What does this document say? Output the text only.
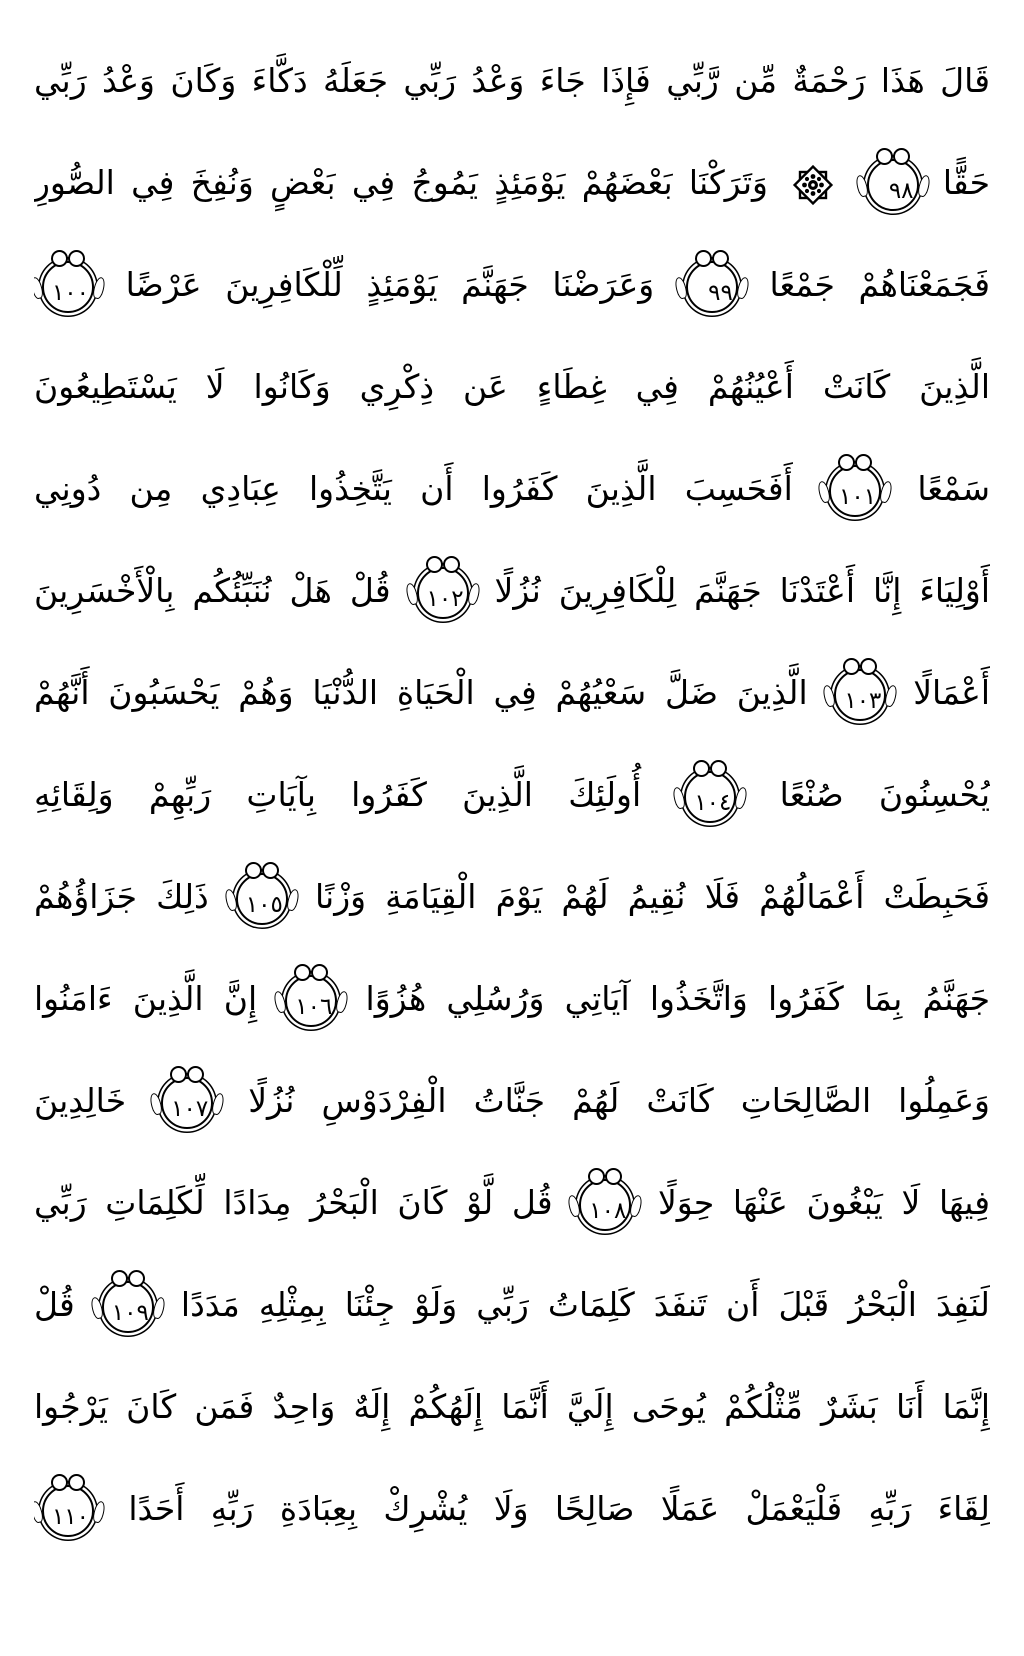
قَالَ هَذَا رَحْمَةٌ مِّن رَّبِّي فَإِذَا جَاءَ وَعْدُ رَبِّي جَعَلَهُ دَكَّاءَ وَكَانَ وَعْدُ رَبِّي
حَقًّا
٩٨  وَتَرَكْنَا بَعْضَهُمْ يَوْمَئِذٍ يَمُوجُ فِي بَعْضٍ وَنُفِخَ فِي الصُّورِ
فَجَمَعْنَاهُمْ جَمْعًا
٩٩ وَعَرَضْنَا جَهَنَّمَ يَوْمَئِذٍ لِّلْكَافِرِينَ عَرْضًا
١٠٠
الَّذِينَ كَانَتْ أَعْيُنُهُمْ فِي غِطَاءٍ عَن ذِكْرِي وَكَانُوا لَا يَسْتَطِيعُونَ
سَمْعًا
١٠١ أَفَحَسِبَ الَّذِينَ كَفَرُوا أَن يَتَّخِذُوا عِبَادِي مِن دُونِي
أَوْلِيَاءَ إِنَّا أَعْتَدْنَا جَهَنَّمَ لِلْكَافِرِينَ نُزُلًا
١٠٢ قُلْ هَلْ نُنَبِّئُكُم بِالْأَخْسَرِينَ
أَعْمَالًا
١٠٣ الَّذِينَ ضَلَّ سَعْيُهُمْ فِي الْحَيَاةِ الدُّنْيَا وَهُمْ يَحْسَبُونَ أَنَّهُمْ
يُحْسِنُونَ صُنْعًا
١٠٤ أُولَئِكَ الَّذِينَ كَفَرُوا بِآيَاتِ رَبِّهِمْ وَلِقَائِهِ
فَحَبِطَتْ أَعْمَالُهُمْ فَلَا نُقِيمُ لَهُمْ يَوْمَ الْقِيَامَةِ وَزْنًا
١٠٥ ذَلِكَ جَزَاؤُهُمْ
جَهَنَّمُ بِمَا كَفَرُوا وَاتَّخَذُوا آيَاتِي وَرُسُلِي هُزُوًا
١٠٦ إِنَّ الَّذِينَ ءَامَنُوا
وَعَمِلُوا الصَّالِحَاتِ كَانَتْ لَهُمْ جَنَّاتُ الْفِرْدَوْسِ نُزُلًا
١٠٧ خَالِدِينَ
فِيهَا لَا يَبْغُونَ عَنْهَا حِوَلًا
١٠٨ قُل لَّوْ كَانَ الْبَحْرُ مِدَادًا لِّكَلِمَاتِ رَبِّي
لَنَفِدَ الْبَحْرُ قَبْلَ أَن تَنفَدَ كَلِمَاتُ رَبِّي وَلَوْ جِئْنَا بِمِثْلِهِ مَدَدًا
١٠٩ قُلْ
إِنَّمَا أَنَا بَشَرٌ مِّثْلُكُمْ يُوحَى إِلَيَّ أَنَّمَا إِلَهُكُمْ إِلَهٌ وَاحِدٌ فَمَن كَانَ يَرْجُوا
لِقَاءَ رَبِّهِ فَلْيَعْمَلْ عَمَلًا صَالِحًا وَلَا يُشْرِكْ بِعِبَادَةِ رَبِّهِ أَحَدًا
١١٠
